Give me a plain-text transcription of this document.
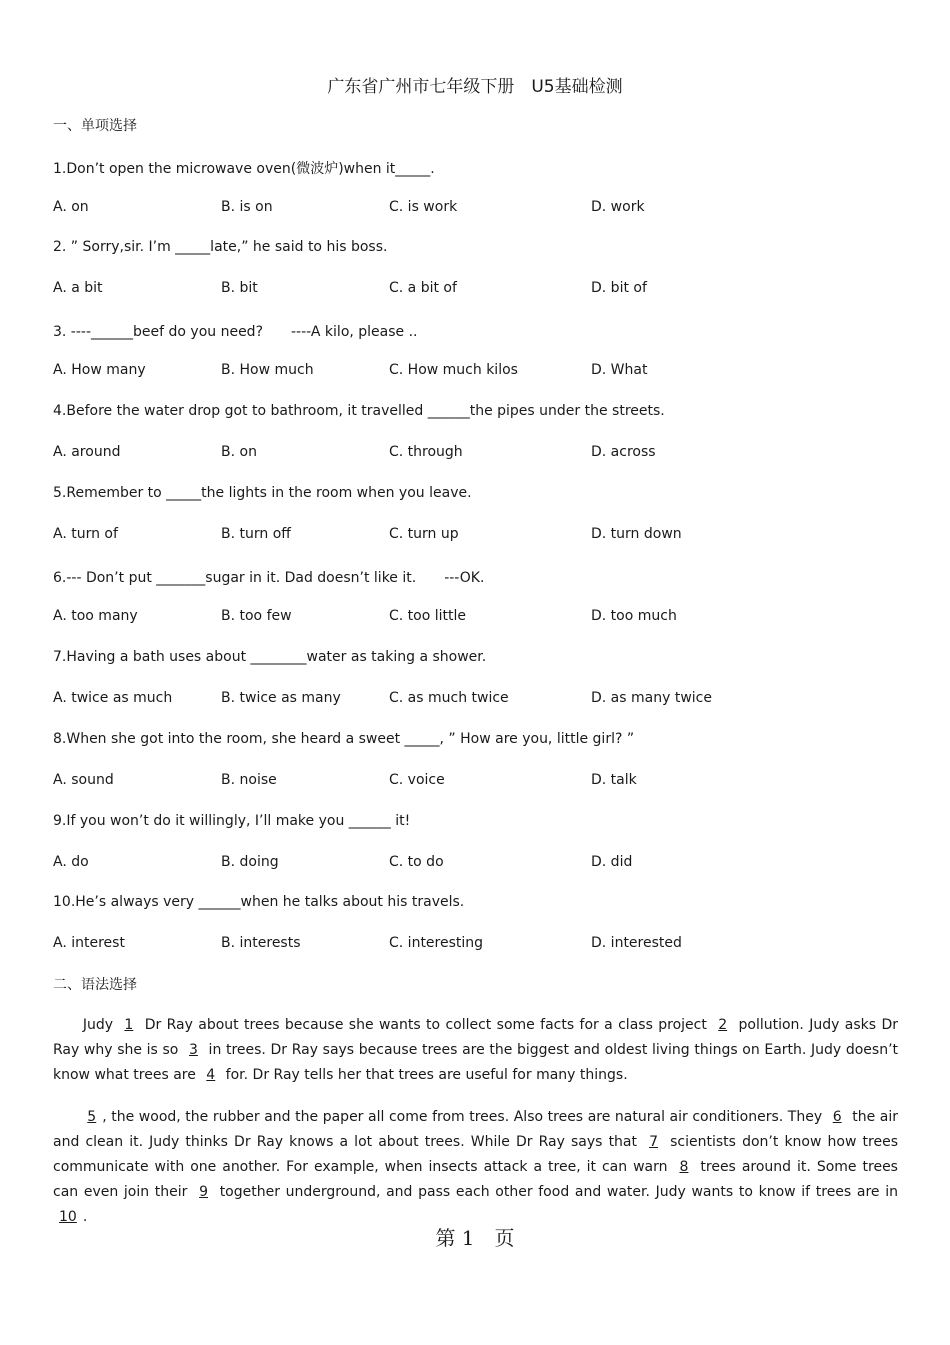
广东省广州市七年级下册　U5基础检测
一、单项选择
1.Don’t open the microwave oven(微波炉)when it_____.
A. on	B. is on	C. is work	D. work
2. ” Sorry,sir. I’m _____late,” he said to his boss.
A. a bit	B. bit	C. a bit of	D. bit of
3. ----______beef do you need?　　----A kilo, please ..
A. How many	B. How much	C. How much kilos	D. What
4.Before the water drop got to bathroom, it travelled ______the pipes under the streets.
A. around	B. on	C. through	D. across
5.Remember to _____the lights in the room when you leave.
A. turn of	B. turn off	C. turn up	D. turn down
6.--- Don’t put _______sugar in it. Dad doesn’t like it.　　---OK.
A. too many	B. too few	C. too little	D. too much
7.Having a bath uses about ________water as taking a shower.
A. twice as much	B. twice as many	C. as much twice	D. as many twice
8.When she got into the room, she heard a sweet _____, ” How are you, little girl? ”
A. sound	B. noise	C. voice	D. talk
9.If you won’t do it willingly, I’ll make you ______ it!
A. do	B. doing	C. to do	D. did
10.He’s always very ______when he talks about his travels.
A. interest	B. interests	C. interesting	D. interested
二、语法选择
　　Judy 1 Dr Ray about trees because she wants to collect some facts for a class project 2 pollution. Judy asks Dr Ray why she is so 3 in trees. Dr Ray says because trees are the biggest and oldest living things on Earth. Judy doesn’t know what trees are 4 for. Dr Ray tells her that trees are useful for many things.
　　5 , the wood, the rubber and the paper all come from trees. Also trees are natural air conditioners. They 6 the air and clean it. Judy thinks Dr Ray knows a lot about trees. While Dr Ray says that 7 scientists don’t know how trees communicate with one another. For example, when insects attack a tree, it can warn 8 trees around it. Some trees can even join their 9 together underground, and pass each other food and water. Judy wants to know if trees are in 10 .
第 1　页
